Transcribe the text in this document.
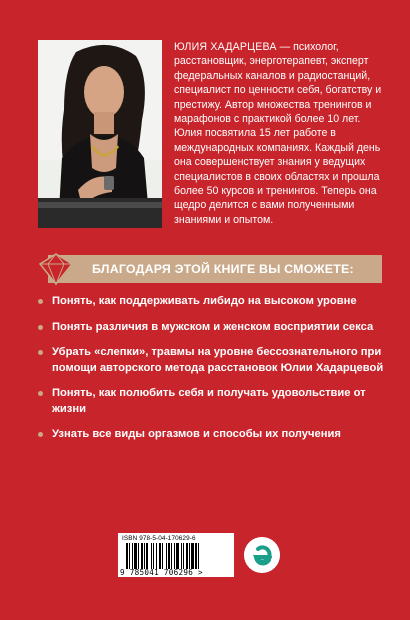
ЮЛИЯ ХАДАРЦЕВА — психолог, расстановщик, энерготерапевт, эксперт федеральных каналов и радиостанций, специалист по ценности себя, богатству и престижу. Автор множества тренингов и марафонов с практикой более 10 лет. Юлия посвятила 15 лет работе в международных компаниях. Каждый день она совершенствует знания у ведущих специалистов в своих областях и прошла более 50 курсов и тренингов. Теперь она щедро делится с вами полученными знаниями и опытом.
БЛАГОДАРЯ ЭТОЙ КНИГЕ ВЫ СМОЖЕТЕ:
Понять, как поддерживать либидо на высоком уровне
Понять различия в мужском и женском восприятии секса
Убрать «слепки», травмы на уровне бессознательного при помощи авторского метода расстановок Юлии Хадарцевой
Понять, как полюбить себя и получать удовольствие от жизни
Узнать все виды оргазмов и способы их получения
ISBN 978-5-04-170629-6
9 785041 706296 >
